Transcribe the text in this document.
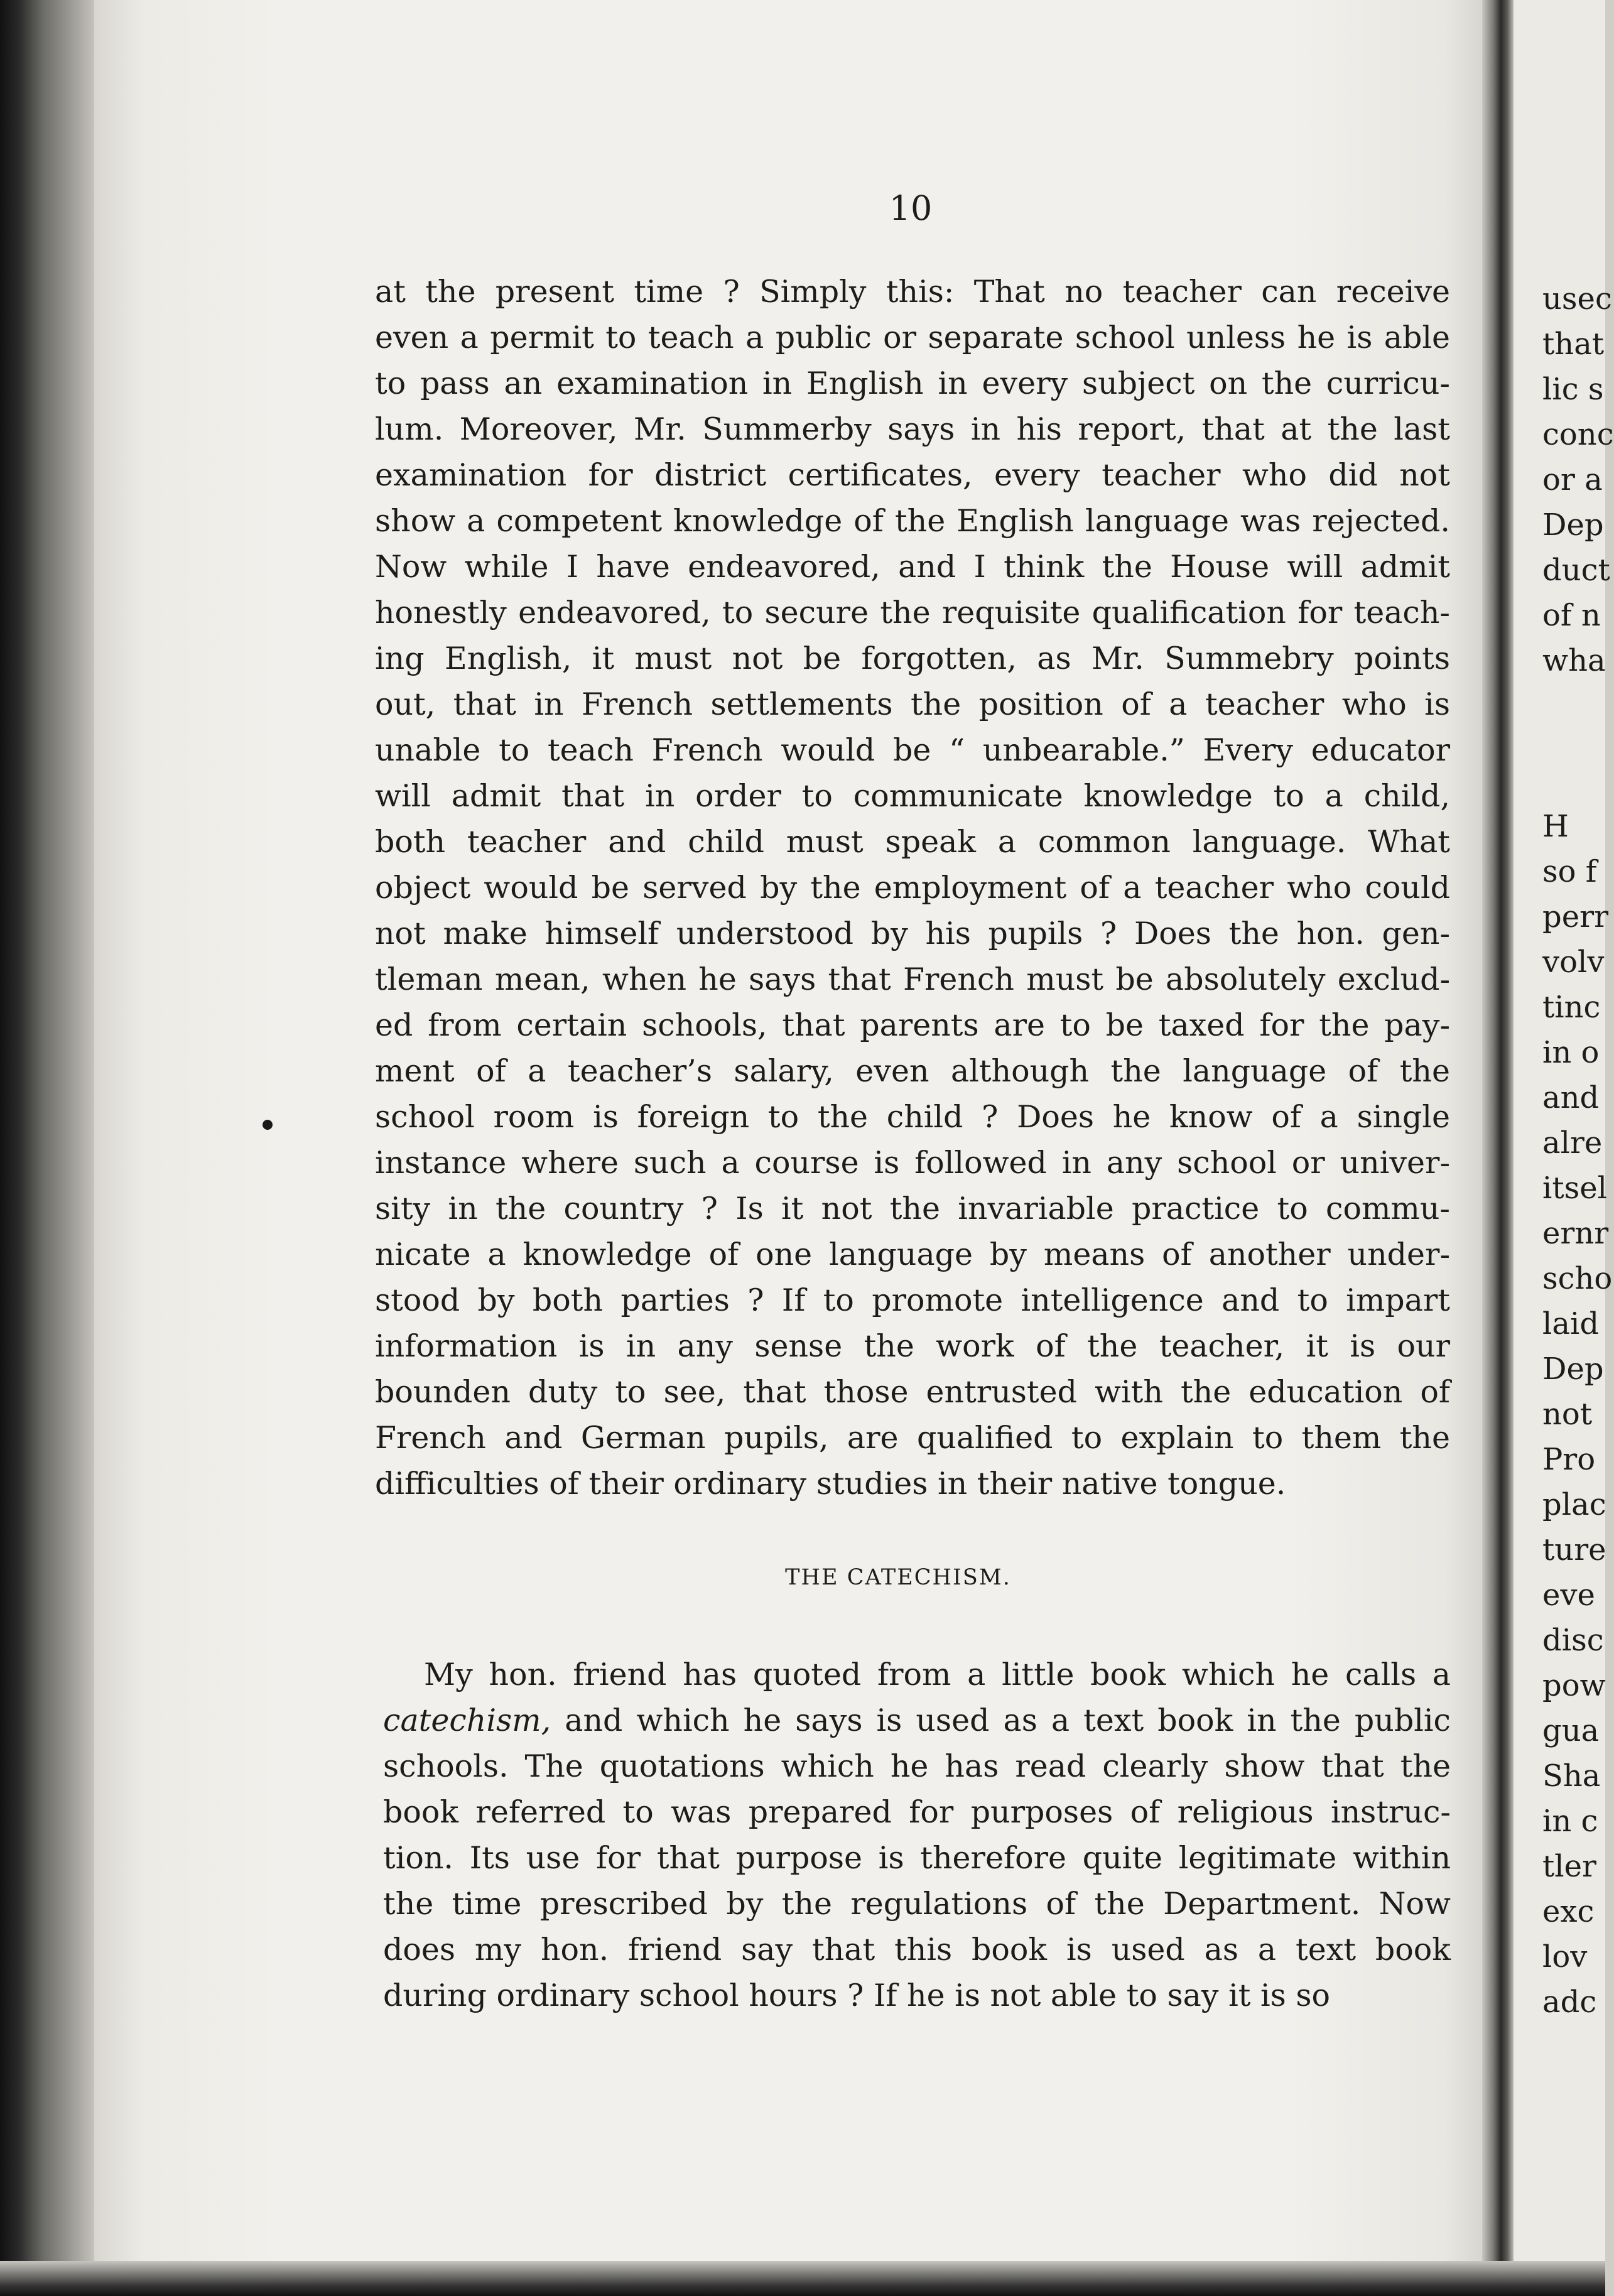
10
at the present time ? Simply this: That no teacher can receive
even a permit to teach a public or separate school unless he is able
to pass an examination in English in every subject on the curricu-
lum. Moreover, Mr. Summerby says in his report, that at the last
examination for district certificates, every teacher who did not
show a competent knowledge of the English language was rejected.
Now while I have endeavored, and I think the House will admit
honestly endeavored, to secure the requisite qualification for teach-
ing English, it must not be forgotten, as Mr. Summebry points
out, that in French settlements the position of a teacher who is
unable to teach French would be “ unbearable.” Every educator
will admit that in order to communicate knowledge to a child,
both teacher and child must speak a common language. What
object would be served by the employment of a teacher who could
not make himself understood by his pupils ? Does the hon. gen-
tleman mean, when he says that French must be absolutely exclud-
ed from certain schools, that parents are to be taxed for the pay-
ment of a teacher’s salary, even although the language of the
school room is foreign to the child ? Does he know of a single
instance where such a course is followed in any school or univer-
sity in the country ? Is it not the invariable practice to commu-
nicate a knowledge of one language by means of another under-
stood by both parties ? If to promote intelligence and to impart
information is in any sense the work of the teacher, it is our
bounden duty to see, that those entrusted with the education of
French and German pupils, are qualified to explain to them the
difficulties of their ordinary studies in their native tongue.
THE CATECHISM.
My hon. friend has quoted from a little book which he calls a
catechism, and which he says is used as a text book in the public
schools. The quotations which he has read clearly show that the
book referred to was prepared for purposes of religious instruc-
tion. Its use for that purpose is therefore quite legitimate within
the time prescribed by the regulations of the Department. Now
does my hon. friend say that this book is used as a text book
during ordinary school hours ? If he is not able to say it is so
usec
that
lic s
conc
or a
Dep
duct
of n
wha
H
so f
perr
volv
tinc
in o
and
alre
itsel
ernr
scho
laid
Dep
not
Pro
plac
ture
eve
disc
pow
gua
Sha
in c
tler
exc
lov
adc
